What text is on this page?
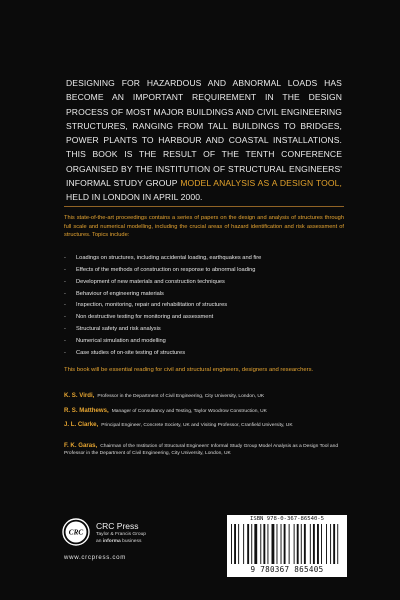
DESIGNING FOR HAZARDOUS AND ABNORMAL LOADS HAS BECOME AN IMPORTANT REQUIREMENT IN THE DESIGN PROCESS OF MOST MAJOR BUILDINGS AND CIVIL ENGINEERING STRUCTURES, RANGING FROM TALL BUILDINGS TO BRIDGES, POWER PLANTS TO HARBOUR AND COASTAL INSTALLATIONS. THIS BOOK IS THE RESULT OF THE TENTH CONFERENCE ORGANISED BY THE INSTITUTION OF STRUCTURAL ENGINEERS' INFORMAL STUDY GROUP MODEL ANALYSIS AS A DESIGN TOOL, HELD IN LONDON IN APRIL 2000.
This state-of-the-art proceedings contains a series of papers on the design and analysis of structures through full scale and numerical modelling, including the crucial areas of hazard identification and risk assessment of structures. Topics include:
- Loadings on structures, including accidental loading, earthquakes and fire
- Effects of the methods of construction on response to abnormal loading
- Development of new materials and construction techniques
- Behaviour of engineering materials
- Inspection, monitoring, repair and rehabilitation of structures
- Non destructive testing for monitoring and assessment
- Structural safety and risk analysis
- Numerical simulation and modelling
- Case studies of on-site testing of structures
This book will be essential reading for civil and structural engineers, designers and researchers.
K. S. Virdi, Professor in the Department of Civil Engineering, City University, London, UK
R. S. Matthews, Manager of Consultancy and Testing, Taylor Woodrow Construction, UK
J. L. Clarke, Principal Engineer, Concrete Society, UK and Visiting Professor, Cranfield University, UK
F. K. Garas, Chairman of the Institution of Structural Engineers' Informal Study Group Model Analysis as a Design Tool and Professor in the Department of Civil Engineering, City University, London, UK
CRC
CRC Press
Taylor & Francis Group
an informa business
www.crcpress.com
ISBN 978-0-367-86540-5
9 780367 865405
